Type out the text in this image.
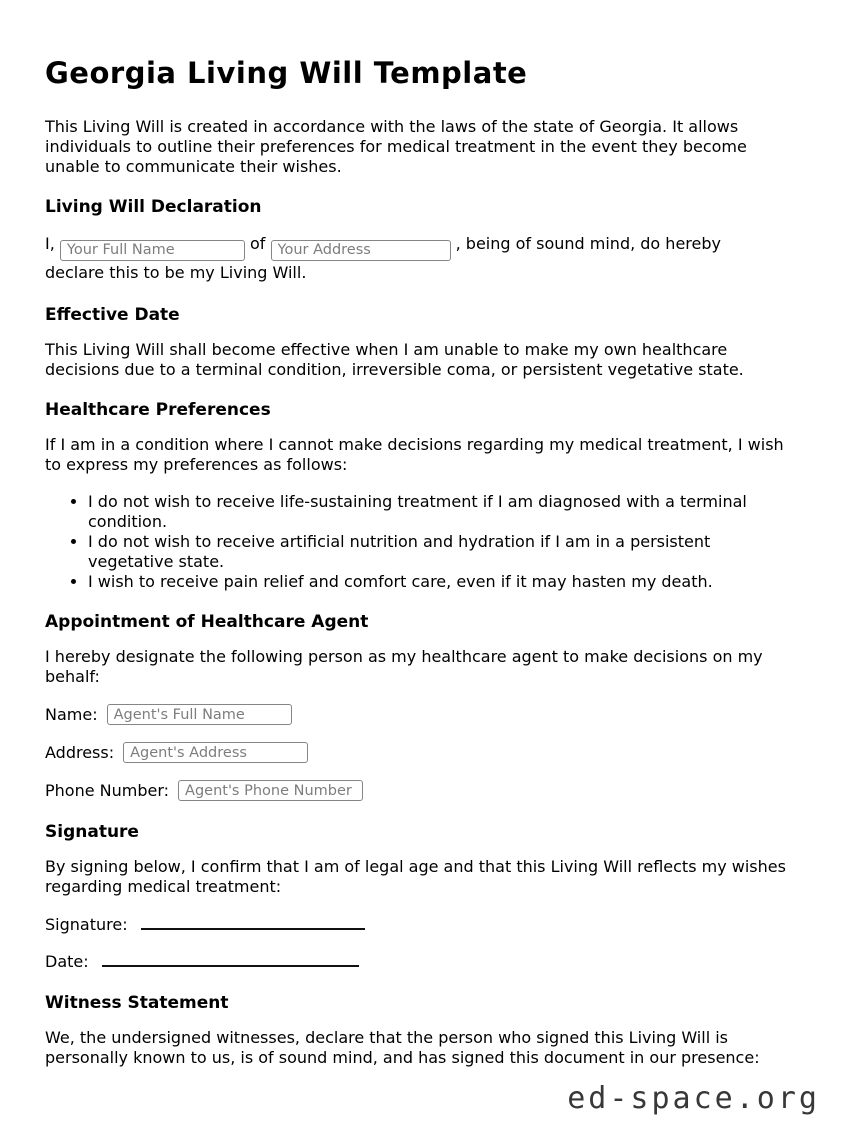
Georgia Living Will Template

This Living Will is created in accordance with the laws of the state of Georgia. It allows individuals to outline their preferences for medical treatment in the event they become unable to communicate their wishes.

Living Will Declaration
I, Your Full Name	of Your Address	, being of sound mind, do hereby
declare this to be my Living Will.
Effective Date

This Living Will shall become effective when I am unable to make my own healthcare decisions due to a terminal condition, irreversible coma, or persistent vegetative state.

Healthcare Preferences

If I am in a condition where I cannot make decisions regarding my medical treatment, I wish to express my preferences as follows:

• I do not wish to receive life-sustaining treatment if I am diagnosed with a terminal condition.
• I do not wish to receive artificial nutrition and hydration if I am in a persistent vegetative state.
• I wish to receive pain relief and comfort care, even if it may hasten my death.
Appointment of Healthcare Agent

I hereby designate the following person as my healthcare agent to make decisions on my behalf:

Name:
Agent's Full Name
Address:
Agent's Address
Phone Number:
Agent's Phone Number
Signature

By signing below, I confirm that I am of legal age and that this Living Will reflects my wishes regarding medical treatment:

Signature:
Date:
Witness Statement

We, the undersigned witnesses, declare that the person who signed this Living Will is personally known to us, is of sound mind, and has signed this document in our presence:

ed-space.org
